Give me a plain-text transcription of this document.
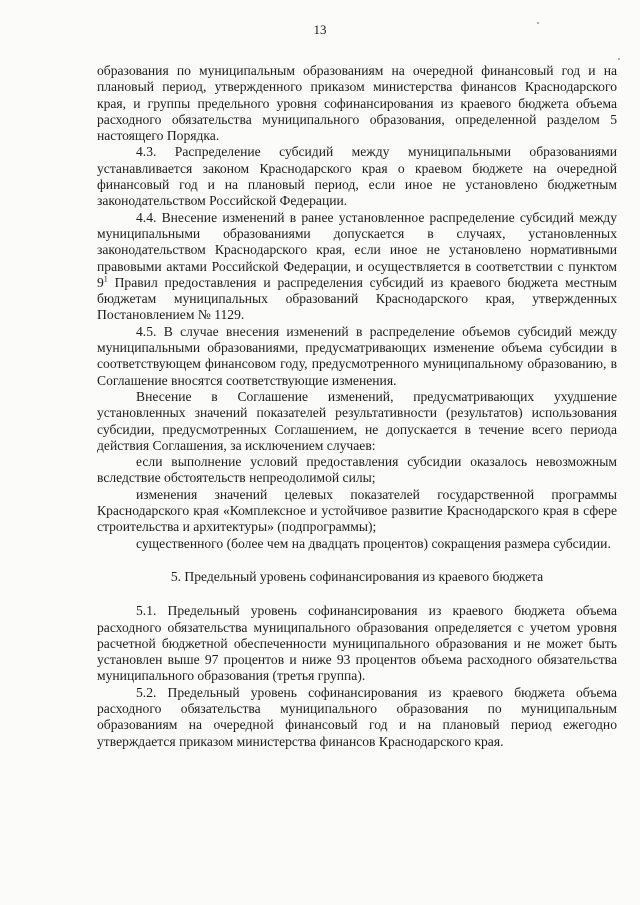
13

образования по муниципальным образованиям на очередной финансовый год и на плановый период, утвержденного приказом министерства финансов Краснодарского края, и группы предельного уровня софинансирования из краевого бюджета объема расходного обязательства муниципального образования, определенной разделом 5 настоящего Порядка.

4.3. Распределение субсидий между муниципальными образованиями устанавливается законом Краснодарского края о краевом бюджете на очередной финансовый год и на плановый период, если иное не установлено бюджетным законодательством Российской Федерации.

4.4. Внесение изменений в ранее установленное распределение субсидий между муниципальными образованиями допускается в случаях, установленных законодательством Краснодарского края, если иное не установлено нормативными правовыми актами Российской Федерации, и осуществляется в соответствии с пунктом $9^1$ Правил предоставления и распределения субсидий из краевого бюджета местным бюджетам муниципальных образований Краснодарского края, утвержденных Постановлением № 1129.

4.5. В случае внесения изменений в распределение объемов субсидий между муниципальными образованиями, предусматривающих изменение объема субсидии в соответствующем финансовом году, предусмотренного муниципальному образованию, в Соглашение вносятся соответствующие изменения.

Внесение в Соглашение изменений, предусматривающих ухудшение установленных значений показателей результативности (результатов) использования субсидии, предусмотренных Соглашением, не допускается в течение всего периода действия Соглашения, за исключением случаев:

если выполнение условий предоставления субсидии оказалось невозможным вследствие обстоятельств непреодолимой силы;

изменения значений целевых показателей государственной программы Краснодарского края «Комплексное и устойчивое развитие Краснодарского края в сфере строительства и архитектуры» (подпрограммы);

существенного (более чем на двадцать процентов) сокращения размера субсидии.

5. Предельный уровень софинансирования из краевого бюджета

5.1. Предельный уровень софинансирования из краевого бюджета объема расходного обязательства муниципального образования определяется с учетом уровня расчетной бюджетной обеспеченности муниципального образования и не может быть установлен выше 97 процентов и ниже 93 процентов объема расходного обязательства муниципального образования (третья группа).

5.2. Предельный уровень софинансирования из краевого бюджета объема расходного обязательства муниципального образования по муниципальным образованиям на очередной финансовый год и на плановый период ежегодно утверждается приказом министерства финансов Краснодарского края.
